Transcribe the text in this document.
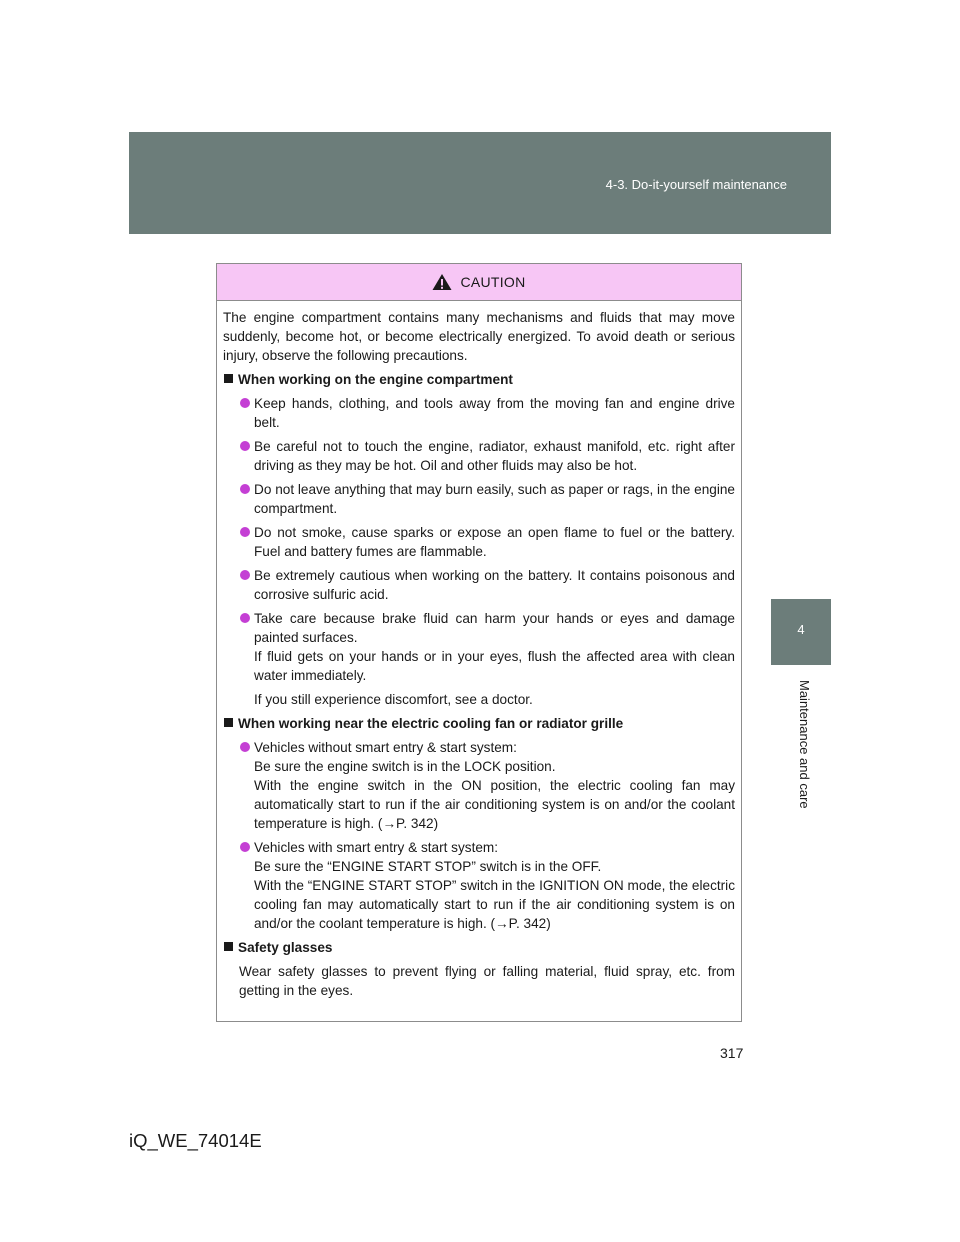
4-3. Do-it-yourself maintenance
4
Maintenance and care
CAUTION

The engine compartment contains many mechanisms and fluids that may move suddenly, become hot, or become electrically energized. To avoid death or serious injury, observe the following precautions.

When working on the engine compartment

Keep hands, clothing, and tools away from the moving fan and engine drive belt.

Be careful not to touch the engine, radiator, exhaust manifold, etc. right after driving as they may be hot. Oil and other fluids may also be hot.

Do not leave anything that may burn easily, such as paper or rags, in the engine compartment.

Do not smoke, cause sparks or expose an open flame to fuel or the battery. Fuel and battery fumes are flammable.

Be extremely cautious when working on the battery. It contains poisonous and corrosive sulfuric acid.

Take care because brake fluid can harm your hands or eyes and damage painted surfaces.
If fluid gets on your hands or in your eyes, flush the affected area with clean water immediately.

If you still experience discomfort, see a doctor.

When working near the electric cooling fan or radiator grille

Vehicles without smart entry & start system:
Be sure the engine switch is in the LOCK position.
With the engine switch in the ON position, the electric cooling fan may automatically start to run if the air conditioning system is on and/or the coolant temperature is high. (→P. 342)

Vehicles with smart entry & start system:
Be sure the “ENGINE START STOP” switch is in the OFF.
With the “ENGINE START STOP” switch in the IGNITION ON mode, the electric cooling fan may automatically start to run if the air conditioning system is on and/or the coolant temperature is high. (→P. 342)

Safety glasses

Wear safety glasses to prevent flying or falling material, fluid spray, etc. from getting in the eyes.

317
iQ_WE_74014E
